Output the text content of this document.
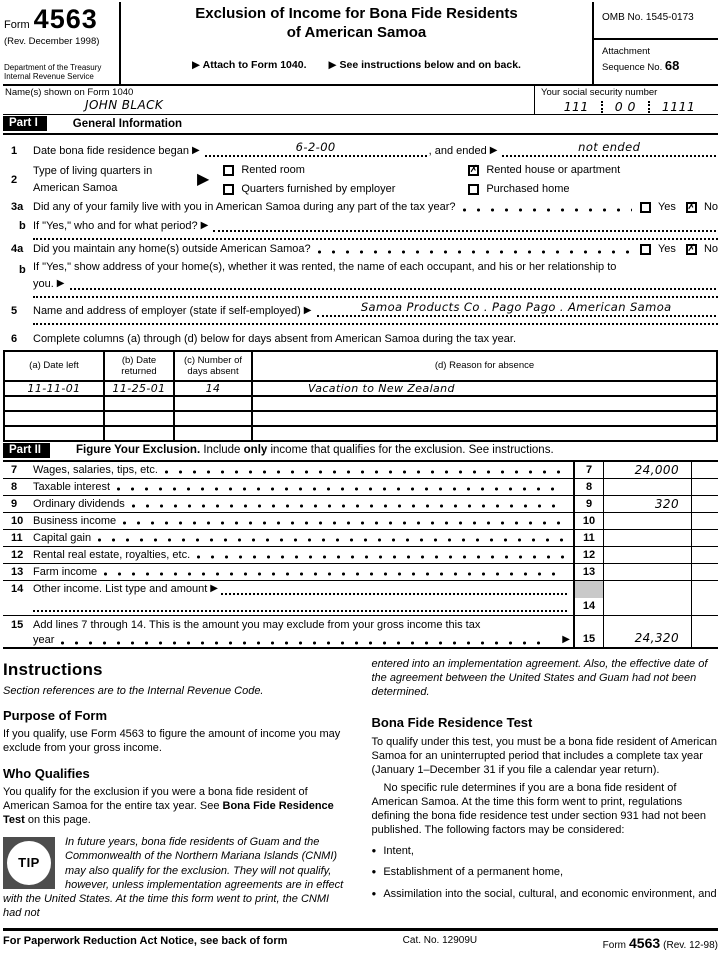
Form 4563
(Rev. December 1998)
Department of the Treasury
Internal Revenue Service
Exclusion of Income for Bona Fide Residents
of American Samoa
▶ Attach to Form 1040. ▶ See instructions below and on back.
OMB No. 1545-0173
Attachment
Sequence No. 68
Name(s) shown on Form 1040
JOHN BLACK
Your social security number
111 0 0 1111
Part I	General Information
1	Date bona fide residence began ▶	6-2-00	, and ended ▶	not ended
2
Type of living quarters in
American Samoa	▶
Rented room	✗ Rented house or apartment
Quarters furnished by employer	Purchased home
3a Did any of your family live with you in American Samoa during any part of the tax year?	Yes ✗ No
b If "Yes," who and for what period? ▶
4a Did you maintain any home(s) outside American Samoa?	Yes ✗ No
b If "Yes," show address of your home(s), whether it was rented, the name of each occupant, and his or her relationship to
you. ▶
5	Name and address of employer (state if self-employed) ▶	Samoa Products Co . Pago Pago . American Samoa
6	Complete columns (a) through (d) below for days absent from American Samoa during the tax year.
(a) Date left	(b) Date returned	(c) Number of days absent	(d) Reason for absence
11-11-01	11-25-01	14	Vacation to New Zealand

Part II	Figure Your Exclusion. Include only income that qualifies for the exclusion. See instructions.
7	Wages, salaries, tips, etc.	7	24,000
8	Taxable interest	8
9	Ordinary dividends	9	320
10 Business income	10
11 Capital gain	11
12 Rental real estate, royalties, etc.	12
13 Farm income	13
14 Other income. List type and amount ▶
14
15 Add lines 7 through 14. This is the amount you may exclude from your gross income this tax
year	▶	15	24,320
Instructions

Section references are to the Internal Revenue Code.

Purpose of Form

If you qualify, use Form 4563 to figure the amount of income you may exclude from your gross income.

Who Qualifies

You qualify for the exclusion if you were a bona fide resident of American Samoa for the entire tax year. See Bona Fide Residence Test on this page.

TIP
In future years, bona fide residents of Guam and the Commonwealth of the Northern Mariana Islands (CNMI) may also qualify for the exclusion. They will not qualify, however, unless implementation agreements are in effect with the United States. At the time this form went to print, the CNMI had not

entered into an implementation agreement. Also, the effective date of the agreement between the United States and Guam had not been determined.

Bona Fide Residence Test

To qualify under this test, you must be a bona fide resident of American Samoa for an uninterrupted period that includes a complete tax year (January 1–December 31 if you file a calendar year return).

No specific rule determines if you are a bona fide resident of American Samoa. At the time this form went to print, regulations defining the bona fide residence test under section 931 had not been published. The following factors may be considered:

● Intent,
● Establishment of a permanent home,
● Assimilation into the social, cultural, and economic environment, and
For Paperwork Reduction Act Notice, see back of form	Cat. No. 12909U	Form 4563 (Rev. 12-98)
